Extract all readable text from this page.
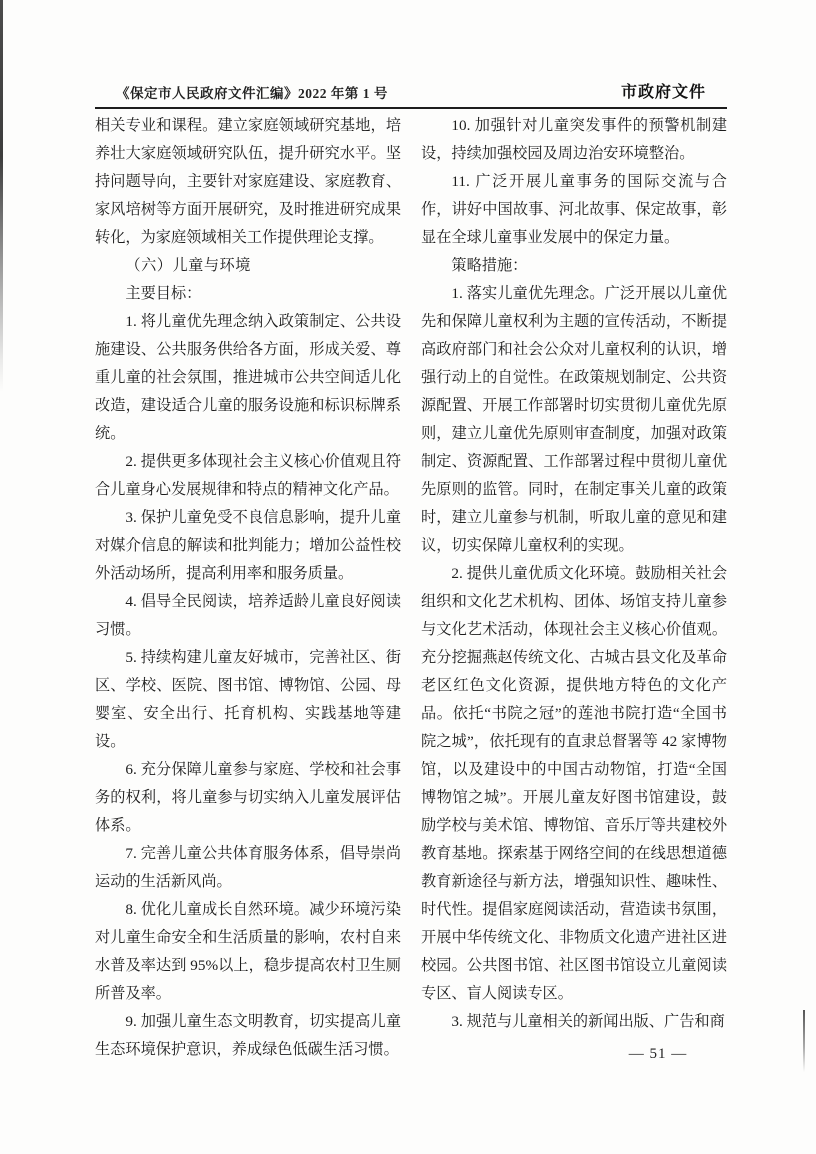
《保定市人民政府文件汇编》2022 年第 1 号	市政府文件

相关专业和课程。建立家庭领域研究基地，培养壮大家庭领域研究队伍，提升研究水平。坚持问题导向，主要针对家庭建设、家庭教育、家风培树等方面开展研究，及时推进研究成果转化，为家庭领域相关工作提供理论支撑。

（六）儿童与环境

主要目标：

1. 将儿童优先理念纳入政策制定、公共设施建设、公共服务供给各方面，形成关爱、尊重儿童的社会氛围，推进城市公共空间适儿化改造，建设适合儿童的服务设施和标识标牌系统。

2. 提供更多体现社会主义核心价值观且符合儿童身心发展规律和特点的精神文化产品。

3. 保护儿童免受不良信息影响，提升儿童对媒介信息的解读和批判能力；增加公益性校外活动场所，提高利用率和服务质量。

4. 倡导全民阅读，培养适龄儿童良好阅读习惯。

5. 持续构建儿童友好城市，完善社区、街区、学校、医院、图书馆、博物馆、公园、母婴室、安全出行、托育机构、实践基地等建设。

6. 充分保障儿童参与家庭、学校和社会事务的权利，将儿童参与切实纳入儿童发展评估体系。

7. 完善儿童公共体育服务体系，倡导崇尚运动的生活新风尚。

8. 优化儿童成长自然环境。减少环境污染对儿童生命安全和生活质量的影响，农村自来水普及率达到 95%以上，稳步提高农村卫生厕所普及率。

9. 加强儿童生态文明教育，切实提高儿童生态环境保护意识，养成绿色低碳生活习惯。

10. 加强针对儿童突发事件的预警机制建设，持续加强校园及周边治安环境整治。

11. 广泛开展儿童事务的国际交流与合作，讲好中国故事、河北故事、保定故事，彰显在全球儿童事业发展中的保定力量。

策略措施：

1. 落实儿童优先理念。广泛开展以儿童优先和保障儿童权利为主题的宣传活动，不断提高政府部门和社会公众对儿童权利的认识，增强行动上的自觉性。在政策规划制定、公共资源配置、开展工作部署时切实贯彻儿童优先原则，建立儿童优先原则审查制度，加强对政策制定、资源配置、工作部署过程中贯彻儿童优先原则的监管。同时，在制定事关儿童的政策时，建立儿童参与机制，听取儿童的意见和建议，切实保障儿童权利的实现。

2. 提供儿童优质文化环境。鼓励相关社会组织和文化艺术机构、团体、场馆支持儿童参与文化艺术活动，体现社会主义核心价值观。充分挖掘燕赵传统文化、古城古县文化及革命老区红色文化资源，提供地方特色的文化产品。依托“书院之冠”的莲池书院打造“全国书院之城”，依托现有的直隶总督署等 42 家博物馆，以及建设中的中国古动物馆，打造“全国博物馆之城”。开展儿童友好图书馆建设，鼓励学校与美术馆、博物馆、音乐厅等共建校外教育基地。探索基于网络空间的在线思想道德教育新途径与新方法，增强知识性、趣味性、时代性。提倡家庭阅读活动，营造读书氛围，开展中华传统文化、非物质文化遗产进社区进校园。公共图书馆、社区图书馆设立儿童阅读专区、盲人阅读专区。

3. 规范与儿童相关的新闻出版、广告和商

— 51 —
